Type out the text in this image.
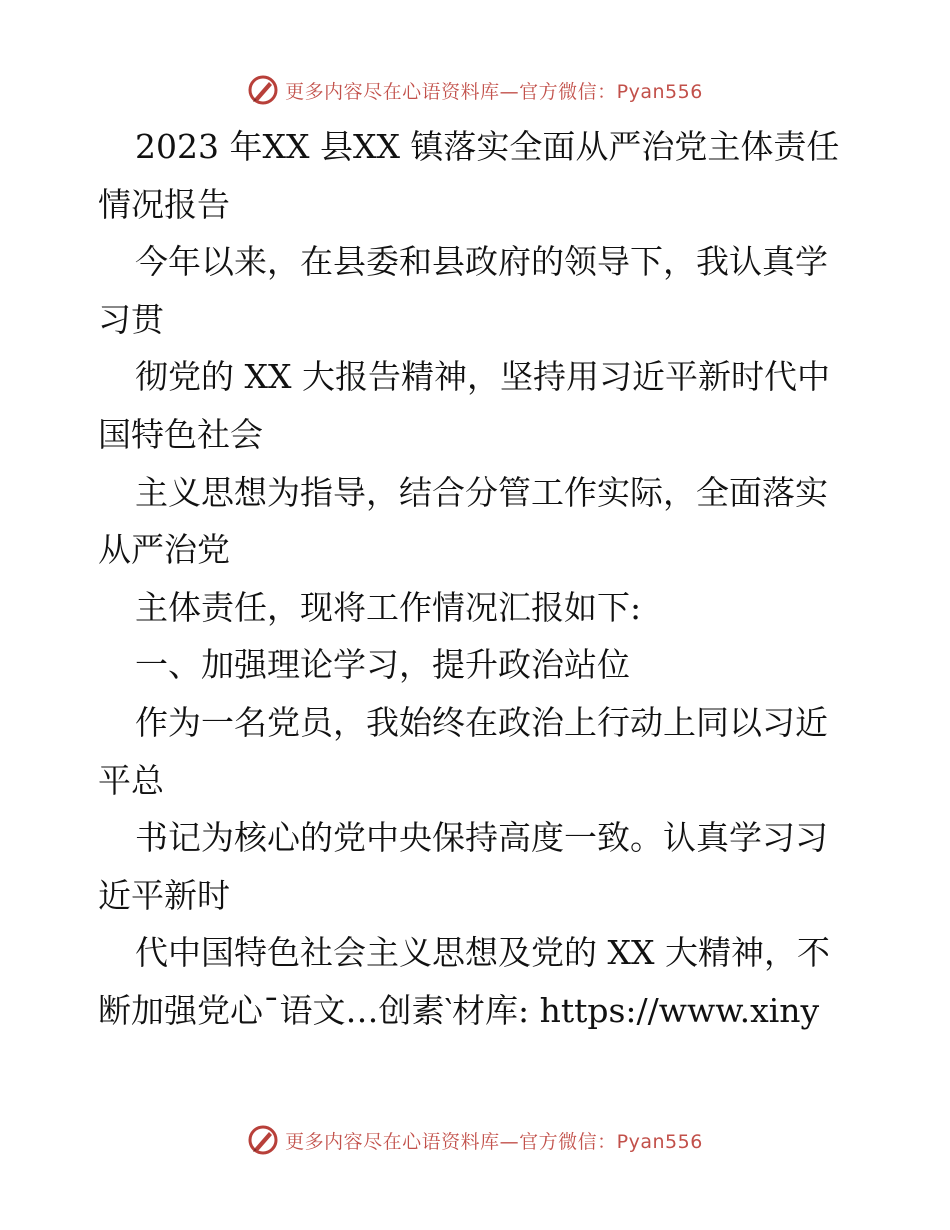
更多内容尽在心语资料库—官方微信：Pyan556
2023 年XX 县XX 镇落实全面从严治党主体责任
情况报告
今年以来，在县委和县政府的领导下，我认真学
习贯
彻党的 XX 大报告精神，坚持用习近平新时代中
国特色社会
主义思想为指导，结合分管工作实际，全面落实
从严治党
主体责任，现将工作情况汇报如下:
一、加强理论学习，提升政治站位
作为一名党员，我始终在政治上行动上同以习近
平总
书记为核心的党中央保持高度一致。认真学习习
近平新时
代中国特色社会主义思想及党的 XX 大精神，不
断加强党心¯语文…创素‵材库: https://www.xiny
更多内容尽在心语资料库—官方微信：Pyan556
